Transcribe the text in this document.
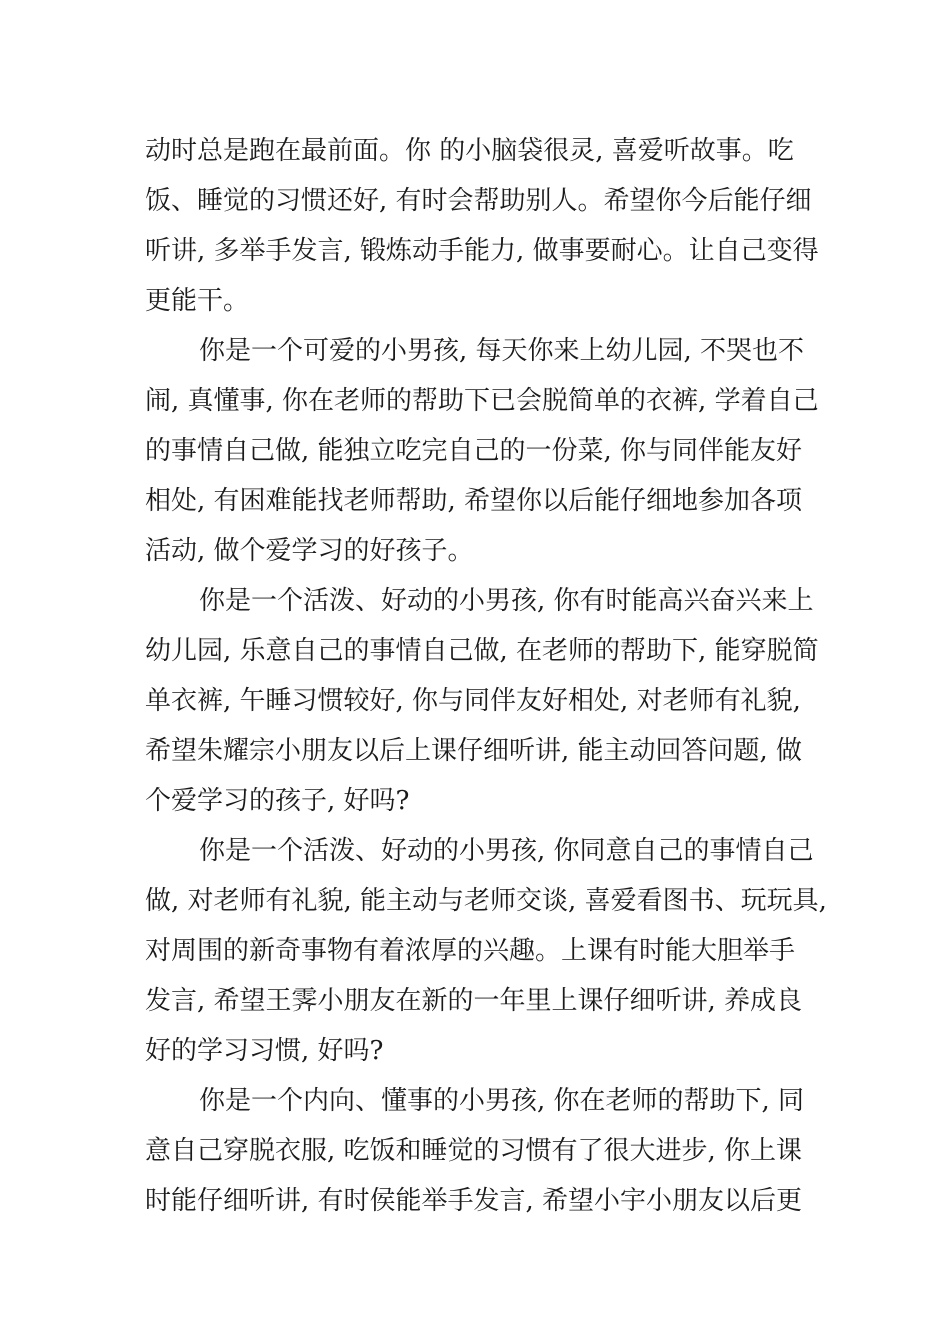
动时总是跑在最前面。你 的小脑袋很灵, 喜爱听故事。吃
饭、睡觉的习惯还好, 有时会帮助别人。希望你今后能仔细
听讲, 多举手发言, 锻炼动手能力, 做事要耐心。让自己变得
更能干。
你是一个可爱的小男孩, 每天你来上幼儿园, 不哭也不
闹, 真懂事, 你在老师的帮助下已会脱简单的衣裤, 学着自己
的事情自己做, 能独立吃完自己的一份菜, 你与同伴能友好
相处, 有困难能找老师帮助, 希望你以后能仔细地参加各项
活动, 做个爱学习的好孩子。
你是一个活泼、好动的小男孩, 你有时能高兴奋兴来上
幼儿园, 乐意自己的事情自己做, 在老师的帮助下, 能穿脱简
单衣裤, 午睡习惯较好, 你与同伴友好相处, 对老师有礼貌,
希望朱耀宗小朋友以后上课仔细听讲, 能主动回答问题, 做
个爱学习的孩子, 好吗?
你是一个活泼、好动的小男孩, 你同意自己的事情自己
做, 对老师有礼貌, 能主动与老师交谈, 喜爱看图书、玩玩具,
对周围的新奇事物有着浓厚的兴趣。上课有时能大胆举手
发言, 希望王霁小朋友在新的一年里上课仔细听讲, 养成良
好的学习习惯, 好吗?
你是一个内向、懂事的小男孩, 你在老师的帮助下, 同
意自己穿脱衣服, 吃饭和睡觉的习惯有了很大进步, 你上课
时能仔细听讲, 有时侯能举手发言, 希望小宇小朋友以后更
